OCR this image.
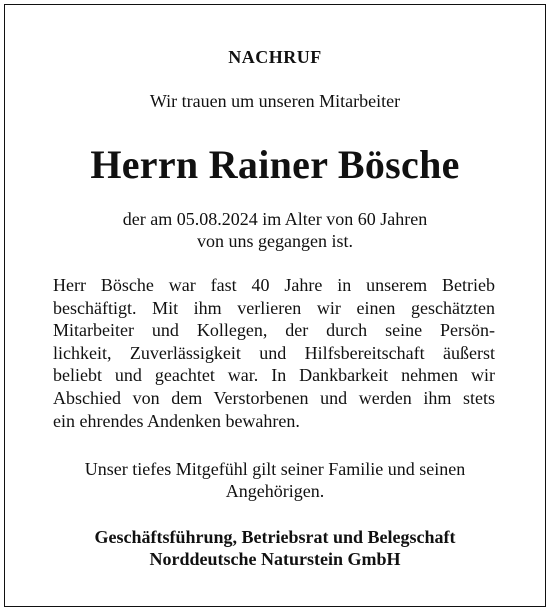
NACHRUF
Wir trauen um unseren Mitarbeiter
Herrn Rainer Bösche
der am 05.08.2024 im Alter von 60 Jahren
von uns gegangen ist.
Herr Bösche war fast 40 Jahre in unserem Betrieb
beschäftigt. Mit ihm verlieren wir einen geschätzten
Mitarbeiter und Kollegen, der durch seine Persön-
lichkeit, Zuverlässigkeit und Hilfsbereitschaft äußerst
beliebt und geachtet war. In Dankbarkeit nehmen wir
Abschied von dem Verstorbenen und werden ihm stets
ein ehrendes Andenken bewahren.
Unser tiefes Mitgefühl gilt seiner Familie und seinen
Angehörigen.
Geschäftsführung, Betriebsrat und Belegschaft
Norddeutsche Naturstein GmbH
